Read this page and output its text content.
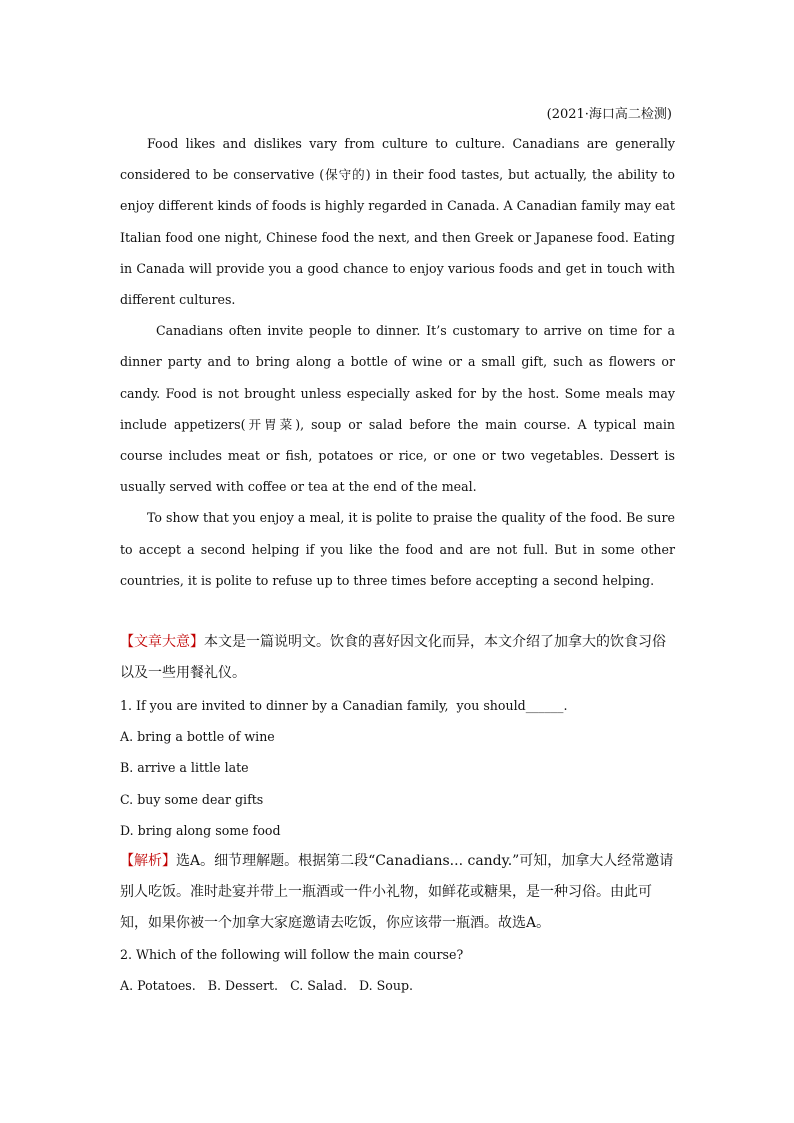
(2021·海口高二检测)

Food likes and dislikes vary from culture to culture. Canadians are generally considered to be conservative (保守的) in their food tastes, but actually, the ability to enjoy different kinds of foods is highly regarded in Canada. A Canadian family may eat Italian food one night, Chinese food the next, and then Greek or Japanese food. Eating in Canada will provide you a good chance to enjoy various foods and get in touch with different cultures.

Canadians often invite people to dinner. It’s customary to arrive on time for a dinner party and to bring along a bottle of wine or a small gift, such as flowers or candy. Food is not brought unless especially asked for by the host. Some meals may include appetizers(开胃菜), soup or salad before the main course. A typical main course includes meat or fish, potatoes or rice, or one or two vegetables. Dessert is usually served with coffee or tea at the end of the meal.

To show that you enjoy a meal, it is polite to praise the quality of the food. Be sure to accept a second helping if you like the food and are not full. But in some other countries, it is polite to refuse up to three times before accepting a second helping.

【文章大意】本文是一篇说明文。饮食的喜好因文化而异，本文介绍了加拿大的饮食习俗以及一些用餐礼仪。

1. If you are invited to dinner by a Canadian family,  you should______.

A. bring a bottle of wine

B. arrive a little late

C. buy some dear gifts

D. bring along some food

【解析】选A。细节理解题。根据第二段“Canadians... candy.”可知，加拿大人经常邀请别人吃饭。准时赴宴并带上一瓶酒或一件小礼物，如鲜花或糖果，是一种习俗。由此可知，如果你被一个加拿大家庭邀请去吃饭，你应该带一瓶酒。故选A。

2. Which of the following will follow the main course?

A. Potatoes.   B. Dessert.   C. Salad.   D. Soup.
